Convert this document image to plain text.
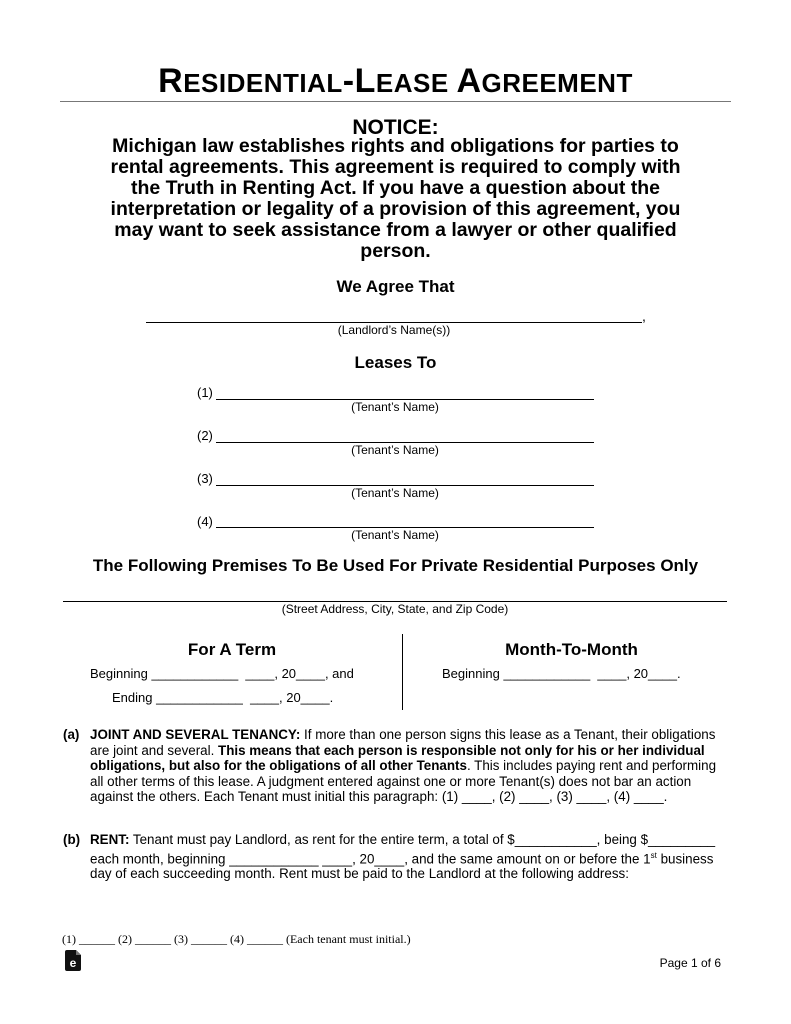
RESIDENTIAL-LEASE AGREEMENT
NOTICE:
Michigan law establishes rights and obligations for parties to
rental agreements. This agreement is required to comply with
the Truth in Renting Act. If you have a question about the
interpretation or legality of a provision of this agreement, you
may want to seek assistance from a lawyer or other qualified
person.
We Agree That
,
(Landlord’s Name(s))
Leases To
(1)
(Tenant’s Name)
(2)
(Tenant’s Name)
(3)
(Tenant’s Name)
(4)
(Tenant’s Name)
The Following Premises To Be Used For Private Residential Purposes Only
(Street Address, City, State, and Zip Code)
For A Term
Beginning ____________  ____, 20____, and
Ending ____________  ____, 20____.
Month-To-Month
Beginning ____________  ____, 20____.
(a) JOINT AND SEVERAL TENANCY: If more than one person signs this lease as a Tenant, their obligations are joint and several. This means that each person is responsible not only for his or her individual obligations, but also for the obligations of all other Tenants. This includes paying rent and performing all other terms of this lease. A judgment entered against one or more Tenant(s) does not bar an action against the others. Each Tenant must initial this paragraph: (1) ____, (2) ____, (3) ____, (4) ____.
(b) RENT: Tenant must pay Landlord, as rent for the entire term, a total of $___________, being $_________ each month, beginning ____________ ____, 20____, and the same amount on or before the 1st business day of each succeeding month. Rent must be paid to the Landlord at the following address:
(1) ______ (2) ______ (3) ______ (4) ______ (Each tenant must initial.)
e	Page 1 of 6
